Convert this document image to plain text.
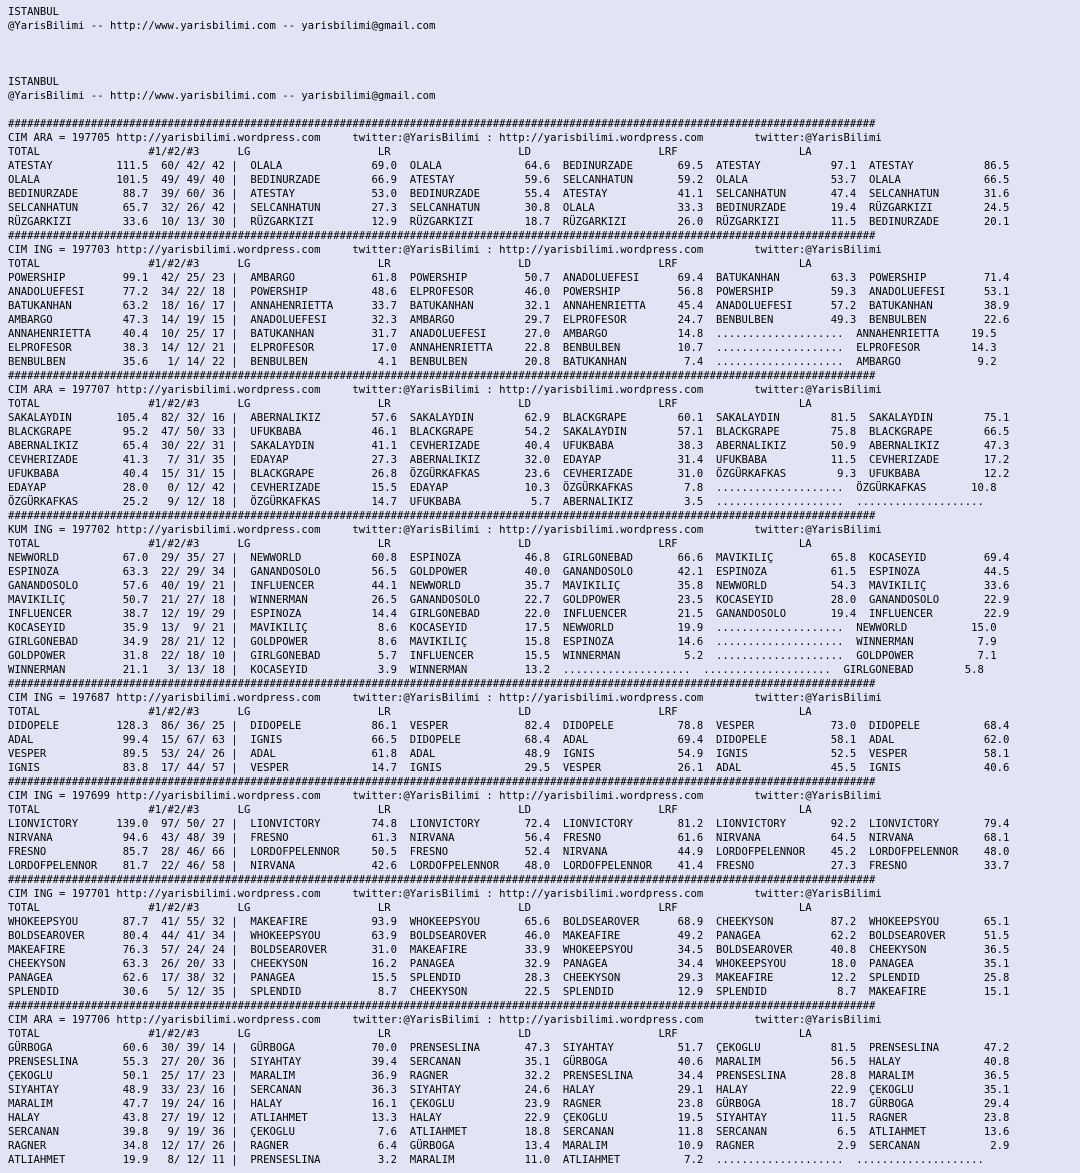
ISTANBUL
@YarisBilimi -- http://www.yarisbilimi.com -- yarisbilimi@gmail.com
ISTANBUL
@YarisBilimi -- http://www.yarisbilimi.com -- yarisbilimi@gmail.com
########################################################################################################################################
CIM ARA = 197705 http://yarisbilimi.wordpress.com     twitter:@YarisBilimi : http://yarisbilimi.wordpress.com        twitter:@YarisBilimi
TOTAL                 #1/#2/#3      LG                    LR                    LD                    LRF                   LA
ATESTAY          111.5  60/ 42/ 42 |  OLALA              69.0  OLALA             64.6  BEDINURZADE       69.5  ATESTAY           97.1  ATESTAY           86.5
OLALA            101.5  49/ 49/ 40 |  BEDINURZADE        66.9  ATESTAY           59.6  SELCANHATUN       59.2  OLALA             53.7  OLALA             66.5
BEDINURZADE       88.7  39/ 60/ 36 |  ATESTAY            53.0  BEDINURZADE       55.4  ATESTAY           41.1  SELCANHATUN       47.4  SELCANHATUN       31.6
SELCANHATUN       65.7  32/ 26/ 42 |  SELCANHATUN        27.3  SELCANHATUN       30.8  OLALA             33.3  BEDINURZADE       19.4  RÜZGARKIZI        24.5
RÜZGARKIZI        33.6  10/ 13/ 30 |  RÜZGARKIZI         12.9  RÜZGARKIZI        18.7  RÜZGARKIZI        26.0  RÜZGARKIZI        11.5  BEDINURZADE       20.1
########################################################################################################################################
CIM ING = 197703 http://yarisbilimi.wordpress.com     twitter:@YarisBilimi : http://yarisbilimi.wordpress.com        twitter:@YarisBilimi
TOTAL                 #1/#2/#3      LG                    LR                    LD                    LRF                   LA
POWERSHIP         99.1  42/ 25/ 23 |  AMBARGO            61.8  POWERSHIP         50.7  ANADOLUEFESI      69.4  BATUKANHAN        63.3  POWERSHIP         71.4
ANADOLUEFESI      77.2  34/ 22/ 18 |  POWERSHIP          48.6  ELPROFESOR        46.0  POWERSHIP         56.8  POWERSHIP         59.3  ANADOLUEFESI      53.1
BATUKANHAN        63.2  18/ 16/ 17 |  ANNAHENRIETTA      33.7  BATUKANHAN        32.1  ANNAHENRIETTA     45.4  ANADOLUEFESI      57.2  BATUKANHAN        38.9
AMBARGO           47.3  14/ 19/ 15 |  ANADOLUEFESI       32.3  AMBARGO           29.7  ELPROFESOR        24.7  BENBULBEN         49.3  BENBULBEN         22.6
ANNAHENRIETTA     40.4  10/ 25/ 17 |  BATUKANHAN         31.7  ANADOLUEFESI      27.0  AMBARGO           14.8  ....................  ANNAHENRIETTA     19.5
ELPROFESOR        38.3  14/ 12/ 21 |  ELPROFESOR         17.0  ANNAHENRIETTA     22.8  BENBULBEN         10.7  ....................  ELPROFESOR        14.3
BENBULBEN         35.6   1/ 14/ 22 |  BENBULBEN           4.1  BENBULBEN         20.8  BATUKANHAN         7.4  ....................  AMBARGO            9.2
########################################################################################################################################
CIM ARA = 197707 http://yarisbilimi.wordpress.com     twitter:@YarisBilimi : http://yarisbilimi.wordpress.com        twitter:@YarisBilimi
TOTAL                 #1/#2/#3      LG                    LR                    LD                    LRF                   LA
SAKALAYDIN       105.4  82/ 32/ 16 |  ABERNALIKIZ        57.6  SAKALAYDIN        62.9  BLACKGRAPE        60.1  SAKALAYDIN        81.5  SAKALAYDIN        75.1
BLACKGRAPE        95.2  47/ 50/ 33 |  UFUKBABA           46.1  BLACKGRAPE        54.2  SAKALAYDIN        57.1  BLACKGRAPE        75.8  BLACKGRAPE        66.5
ABERNALIKIZ       65.4  30/ 22/ 31 |  SAKALAYDIN         41.1  CEVHERIZADE       40.4  UFUKBABA          38.3  ABERNALIKIZ       50.9  ABERNALIKIZ       47.3
CEVHERIZADE       41.3   7/ 31/ 35 |  EDAYAP             27.3  ABERNALIKIZ       32.0  EDAYAP            31.4  UFUKBABA          11.5  CEVHERIZADE       17.2
UFUKBABA          40.4  15/ 31/ 15 |  BLACKGRAPE         26.8  ÖZGÜRKAFKAS       23.6  CEVHERIZADE       31.0  ÖZGÜRKAFKAS        9.3  UFUKBABA          12.2
EDAYAP            28.0   0/ 12/ 42 |  CEVHERIZADE        15.5  EDAYAP            10.3  ÖZGÜRKAFKAS        7.8  ....................  ÖZGÜRKAFKAS       10.8
ÖZGÜRKAFKAS       25.2   9/ 12/ 18 |  ÖZGÜRKAFKAS        14.7  UFUKBABA           5.7  ABERNALIKIZ        3.5  ....................  ....................
########################################################################################################################################
KUM ING = 197702 http://yarisbilimi.wordpress.com     twitter:@YarisBilimi : http://yarisbilimi.wordpress.com        twitter:@YarisBilimi
TOTAL                 #1/#2/#3      LG                    LR                    LD                    LRF                   LA
NEWWORLD          67.0  29/ 35/ 27 |  NEWWORLD           60.8  ESPINOZA          46.8  GIRLGONEBAD       66.6  MAVIKILIÇ         65.8  KOCASEYID         69.4
ESPINOZA          63.3  22/ 29/ 34 |  GANANDOSOLO        56.5  GOLDPOWER         40.0  GANANDOSOLO       42.1  ESPINOZA          61.5  ESPINOZA          44.5
GANANDOSOLO       57.6  40/ 19/ 21 |  INFLUENCER         44.1  NEWWORLD          35.7  MAVIKILIÇ         35.8  NEWWORLD          54.3  MAVIKILIÇ         33.6
MAVIKILIÇ         50.7  21/ 27/ 18 |  WINNERMAN          26.5  GANANDOSOLO       22.7  GOLDPOWER         23.5  KOCASEYID         28.0  GANANDOSOLO       22.9
INFLUENCER        38.7  12/ 19/ 29 |  ESPINOZA           14.4  GIRLGONEBAD       22.0  INFLUENCER        21.5  GANANDOSOLO       19.4  INFLUENCER        22.9
KOCASEYID         35.9  13/  9/ 21 |  MAVIKILIÇ           8.6  KOCASEYID         17.5  NEWWORLD          19.9  ....................  NEWWORLD          15.0
GIRLGONEBAD       34.9  28/ 21/ 12 |  GOLDPOWER           8.6  MAVIKILIÇ         15.8  ESPINOZA          14.6  ....................  WINNERMAN          7.9
GOLDPOWER         31.8  22/ 18/ 10 |  GIRLGONEBAD         5.7  INFLUENCER        15.5  WINNERMAN          5.2  ....................  GOLDPOWER          7.1
WINNERMAN         21.1   3/ 13/ 18 |  KOCASEYID           3.9  WINNERMAN         13.2  ....................  ....................  GIRLGONEBAD        5.8
########################################################################################################################################
CIM ING = 197687 http://yarisbilimi.wordpress.com     twitter:@YarisBilimi : http://yarisbilimi.wordpress.com        twitter:@YarisBilimi
TOTAL                 #1/#2/#3      LG                    LR                    LD                    LRF                   LA
DIDOPELE         128.3  86/ 36/ 25 |  DIDOPELE           86.1  VESPER            82.4  DIDOPELE          78.8  VESPER            73.0  DIDOPELE          68.4
ADAL              99.4  15/ 67/ 63 |  IGNIS              66.5  DIDOPELE          68.4  ADAL              69.4  DIDOPELE          58.1  ADAL              62.0
VESPER            89.5  53/ 24/ 26 |  ADAL               61.8  ADAL              48.9  IGNIS             54.9  IGNIS             52.5  VESPER            58.1
IGNIS             83.8  17/ 44/ 57 |  VESPER             14.7  IGNIS             29.5  VESPER            26.1  ADAL              45.5  IGNIS             40.6
########################################################################################################################################
CIM ING = 197699 http://yarisbilimi.wordpress.com     twitter:@YarisBilimi : http://yarisbilimi.wordpress.com        twitter:@YarisBilimi
TOTAL                 #1/#2/#3      LG                    LR                    LD                    LRF                   LA
LIONVICTORY      139.0  97/ 50/ 27 |  LIONVICTORY        74.8  LIONVICTORY       72.4  LIONVICTORY       81.2  LIONVICTORY       92.2  LIONVICTORY       79.4
NIRVANA           94.6  43/ 48/ 39 |  FRESNO             61.3  NIRVANA           56.4  FRESNO            61.6  NIRVANA           64.5  NIRVANA           68.1
FRESNO            85.7  28/ 46/ 66 |  LORDOFPELENNOR     50.5  FRESNO            52.4  NIRVANA           44.9  LORDOFPELENNOR    45.2  LORDOFPELENNOR    48.0
LORDOFPELENNOR    81.7  22/ 46/ 58 |  NIRVANA            42.6  LORDOFPELENNOR    48.0  LORDOFPELENNOR    41.4  FRESNO            27.3  FRESNO            33.7
########################################################################################################################################
CIM ING = 197701 http://yarisbilimi.wordpress.com     twitter:@YarisBilimi : http://yarisbilimi.wordpress.com        twitter:@YarisBilimi
TOTAL                 #1/#2/#3      LG                    LR                    LD                    LRF                   LA
WHOKEEPSYOU       87.7  41/ 55/ 32 |  MAKEAFIRE          93.9  WHOKEEPSYOU       65.6  BOLDSEAROVER      68.9  CHEEKYSON         87.2  WHOKEEPSYOU       65.1
BOLDSEAROVER      80.4  44/ 41/ 34 |  WHOKEEPSYOU        63.9  BOLDSEAROVER      46.0  MAKEAFIRE         49.2  PANAGEA           62.2  BOLDSEAROVER      51.5
MAKEAFIRE         76.3  57/ 24/ 24 |  BOLDSEAROVER       31.0  MAKEAFIRE         33.9  WHOKEEPSYOU       34.5  BOLDSEAROVER      40.8  CHEEKYSON         36.5
CHEEKYSON         63.3  26/ 20/ 33 |  CHEEKYSON          16.2  PANAGEA           32.9  PANAGEA           34.4  WHOKEEPSYOU       18.0  PANAGEA           35.1
PANAGEA           62.6  17/ 38/ 32 |  PANAGEA            15.5  SPLENDID          28.3  CHEEKYSON         29.3  MAKEAFIRE         12.2  SPLENDID          25.8
SPLENDID          30.6   5/ 12/ 35 |  SPLENDID            8.7  CHEEKYSON         22.5  SPLENDID          12.9  SPLENDID           8.7  MAKEAFIRE         15.1
########################################################################################################################################
CIM ARA = 197706 http://yarisbilimi.wordpress.com     twitter:@YarisBilimi : http://yarisbilimi.wordpress.com        twitter:@YarisBilimi
TOTAL                 #1/#2/#3      LG                    LR                    LD                    LRF                   LA
GÜRBOGA           60.6  30/ 39/ 14 |  GÜRBOGA            70.0  PRENSESLINA       47.3  SIYAHTAY          51.7  ÇEKOGLU           81.5  PRENSESLINA       47.2
PRENSESLINA       55.3  27/ 20/ 36 |  SIYAHTAY           39.4  SERCANAN          35.1  GÜRBOGA           40.6  MARALIM           56.5  HALAY             40.8
ÇEKOGLU           50.1  25/ 17/ 23 |  MARALIM            36.9  RAGNER            32.2  PRENSESLINA       34.4  PRENSESLINA       28.8  MARALIM           36.5
SIYAHTAY          48.9  33/ 23/ 16 |  SERCANAN           36.3  SIYAHTAY          24.6  HALAY             29.1  HALAY             22.9  ÇEKOGLU           35.1
MARALIM           47.7  19/ 24/ 16 |  HALAY              16.1  ÇEKOGLU           23.9  RAGNER            23.8  GÜRBOGA           18.7  GÜRBOGA           29.4
HALAY             43.8  27/ 19/ 12 |  ATLIAHMET          13.3  HALAY             22.9  ÇEKOGLU           19.5  SIYAHTAY          11.5  RAGNER            23.8
SERCANAN          39.8   9/ 19/ 36 |  ÇEKOGLU             7.6  ATLIAHMET         18.8  SERCANAN          11.8  SERCANAN           6.5  ATLIAHMET         13.6
RAGNER            34.8  12/ 17/ 26 |  RAGNER              6.4  GÜRBOGA           13.4  MARALIM           10.9  RAGNER             2.9  SERCANAN           2.9
ATLIAHMET         19.9   8/ 12/ 11 |  PRENSESLINA         3.2  MARALIM           11.0  ATLIAHMET          7.2  ....................  ....................
